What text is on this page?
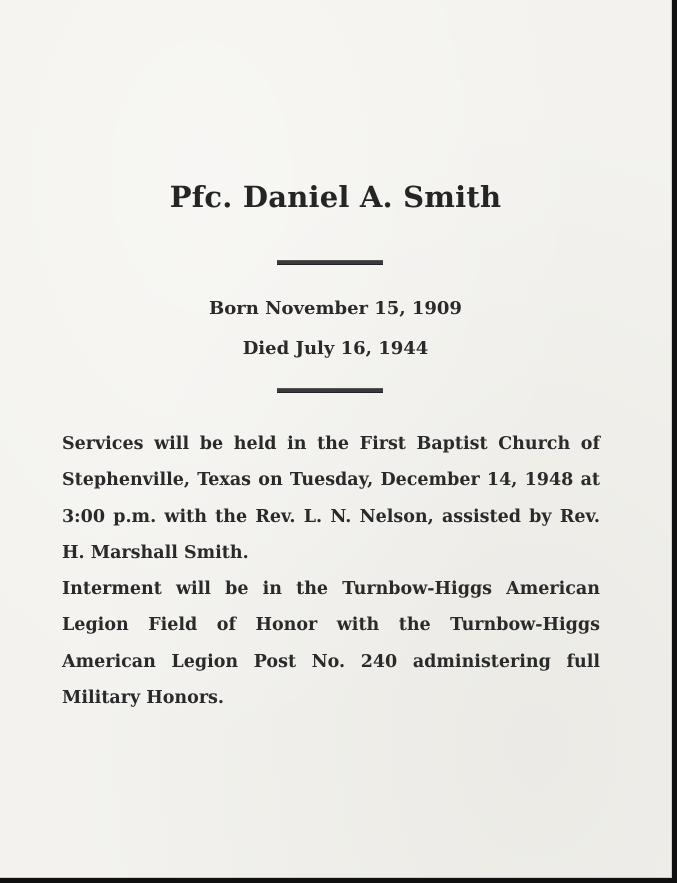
Pfc. Daniel A. Smith
Born November 15, 1909
Died July 16, 1944

Services will be held in the First Baptist Church of Stephenville, Texas on Tuesday, December 14, 1948 at 3:00 p.m. with the Rev. L. N. Nelson, assisted by Rev. H. Marshall Smith.

Interment will be in the Turnbow-Higgs American Legion Field of Honor with the Turnbow-Higgs American Legion Post No. 240 administering full Military Honors.
